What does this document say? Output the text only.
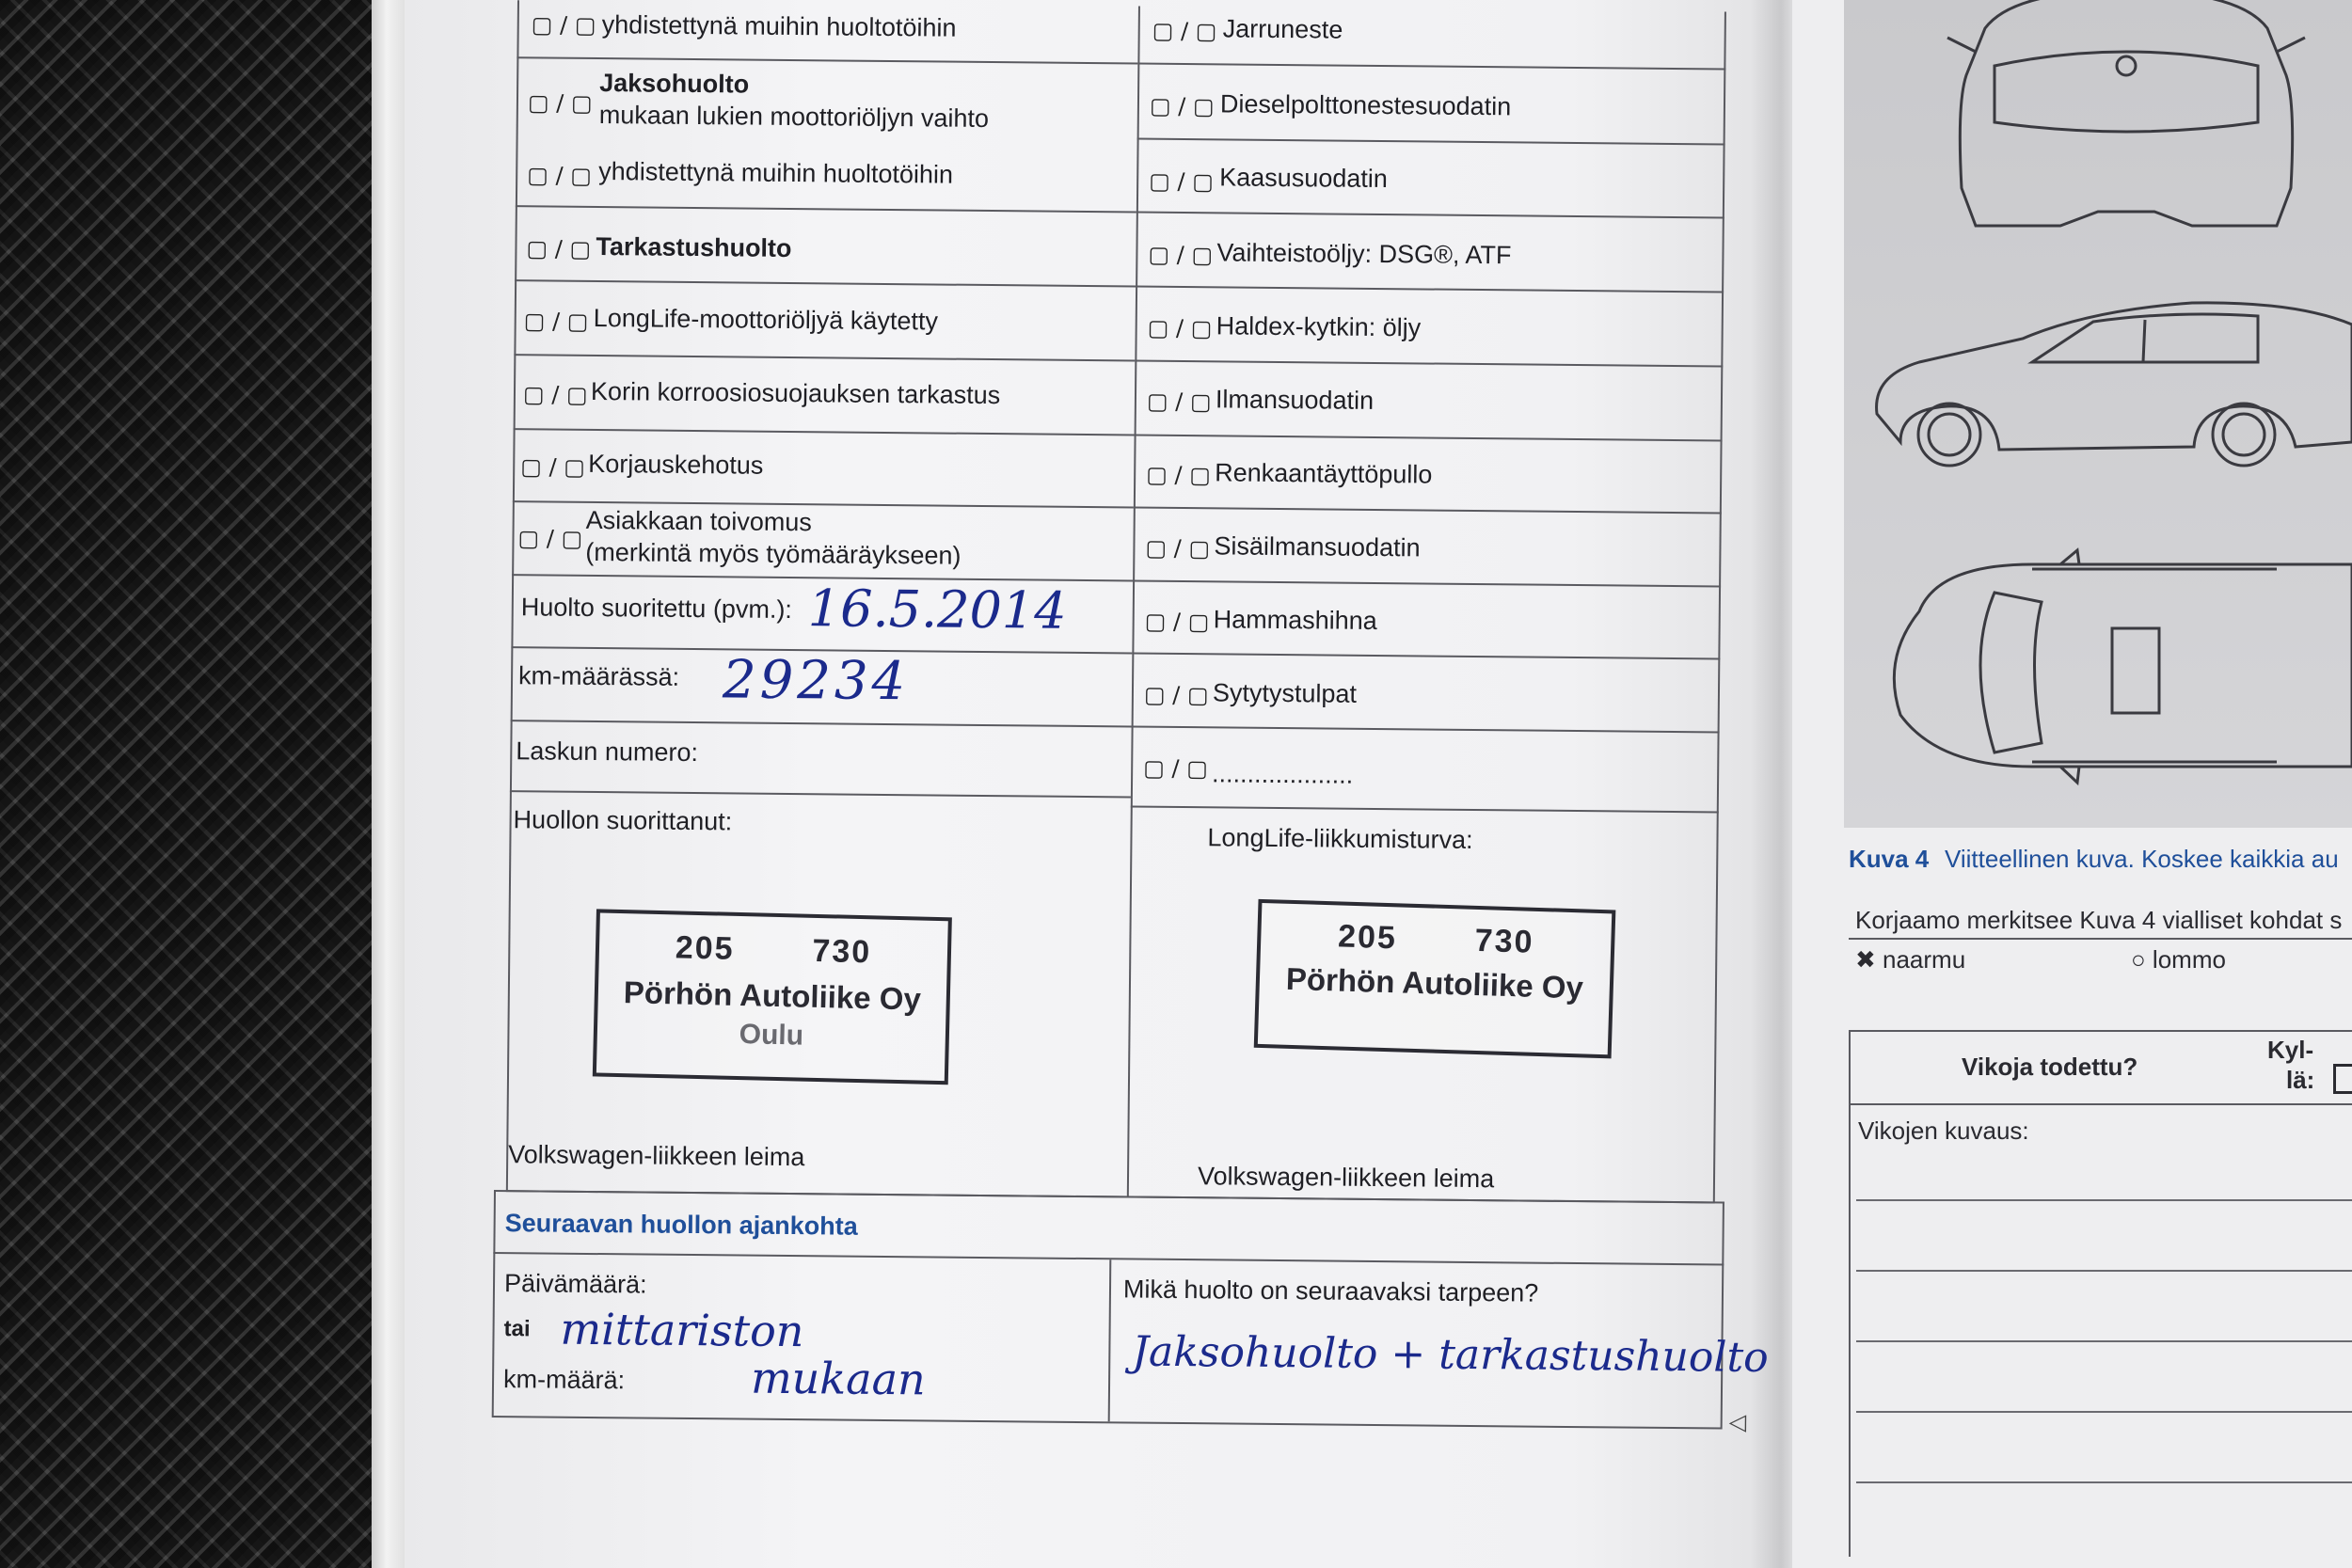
▢ / ▢ yhdistettynä muihin huoltotöihin
▢ / ▢
Jaksohuolto
mukaan lukien moottoriöljyn vaihto
▢ / ▢ yhdistettynä muihin huoltotöihin
▢ / ▢ Tarkastushuolto
▢ / ▢ LongLife-moottoriöljyä käytetty
▢ / ▢ Korin korroosiosuojauksen tarkastus
▢ / ▢ Korjauskehotus
▢ / ▢
Asiakkaan toivomus
(merkintä myös työmääräykseen)
Huolto suoritettu (pvm.): 16.5.2014
km-määrässä: 29234
Laskun numero:
Huollon suorittanut:
205 730
Pörhön Autoliike Oy
Oulu
Volkswagen-liikkeen leima
▢ / ▢ Jarruneste
▢ / ▢ Dieselpolttonestesuodatin
▢ / ▢ Kaasusuodatin
▢ / ▢ Vaihteistoöljy: DSG®, ATF
▢ / ▢ Haldex-kytkin: öljy
▢ / ▢ Ilmansuodatin
▢ / ▢ Renkaantäyttöpullo
▢ / ▢ Sisäilmansuodatin
▢ / ▢ Hammashihna
▢ / ▢ Sytytystulpat
▢ / ▢ ....................
LongLife-liikkumisturva:
205 730
Pörhön Autoliike Oy
Volkswagen-liikkeen leima
Seuraavan huollon ajankohta
Päivämäärä:
tai
km-määrä:
mittariston
mukaan
Mikä huolto on seuraavaksi tarpeen?
Jaksohuolto + tarkastushuolto
◁
Kuva 4 Viitteellinen kuva. Koskee kaikkia au
Korjaamo merkitsee Kuva 4 vialliset kohdat s
✖ naarmu	○ lommo
Vikoja todettu?
Kyl-
lä:
Vikojen kuvaus:
